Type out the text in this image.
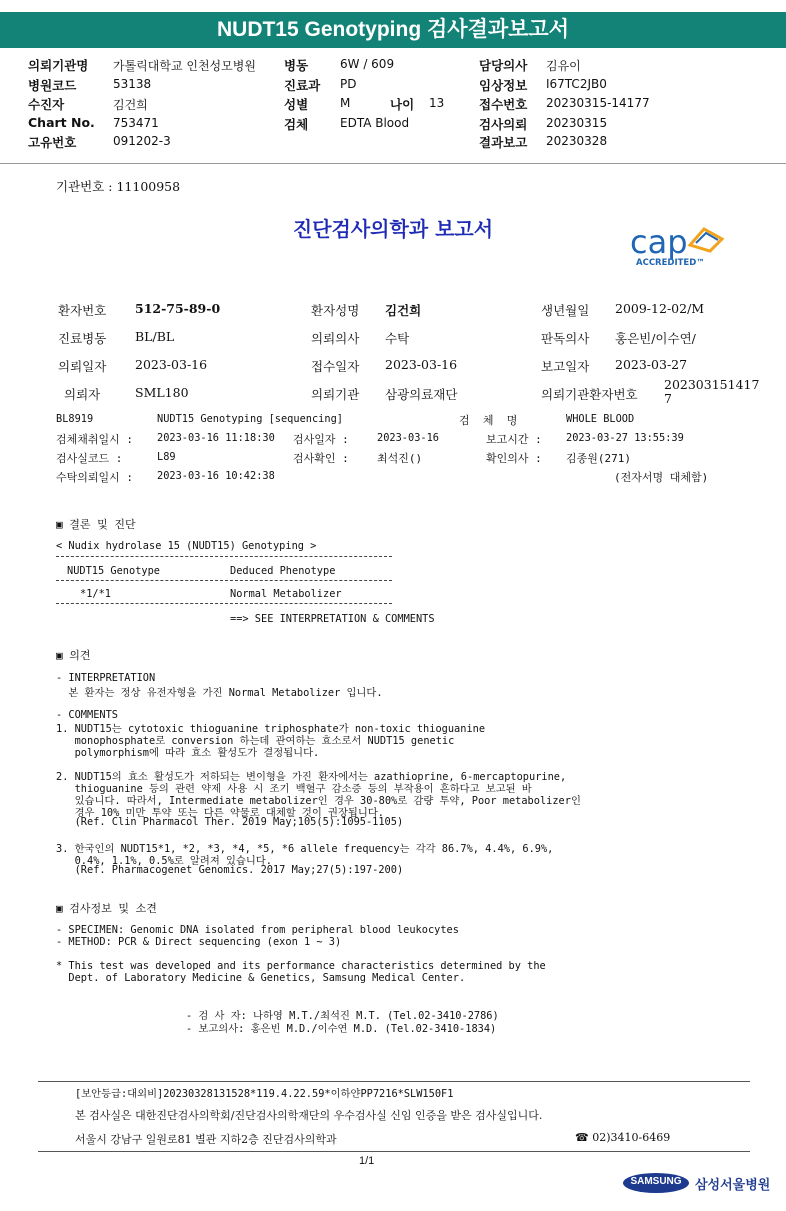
NUDT15 Genotyping 검사결과보고서
의뢰기관명 가톨릭대학교 인천성모병원
병원코드	53138
수진자	김건희
Chart No. 753471
고유번호	091202-3
병동	6W / 609
진료과 PD
성별	M	나이 13
검체	EDTA Blood
담당의사 김유이
임상정보 I67TC2JB0
접수번호 20230315-14177
검사의뢰 20230315
결과보고 20230328
기관번호 : 11100958
진단검사의학과 보고서	cap
ACCREDITED™
환자번호 512-75-89-0	환자성명 김건희	생년월일 2009-12-02/M
진료병동 BL/BL	의뢰의사 수탁	판독의사 홍은빈/이수연/
의뢰일자 2023-03-16	접수일자 2023-03-16	보고일자 2023-03-27
의뢰자	SML180	의뢰기관 삼광의료재단	의뢰기관환자번호
202303151417
7
BL8919	NUDT15 Genotyping [sequencing]	검  체  명	WHOLE BLOOD
검체채취일시 : 2023-03-16 11:18:30 검사일자 :	2023-03-16	보고시간 : 2023-03-27 13:55:39
검사실코드 :	L89	검사확인 :	최석진()	확인의사 : 김종원(271)
수탁의뢰일시 : 2023-03-16 10:42:38	(전자서명 대체함)
▣ 결론 및 진단
< Nudix hydrolase 15 (NUDT15) Genotyping >
NUDT15 Genotype	Deduced Phenotype
*1/*1	Normal Metabolizer
==> SEE INTERPRETATION & COMMENTS
▣ 의견
- INTERPRETATION
본 환자는 정상 유전자형을 가진 Normal Metabolizer 입니다.
- COMMENTS
1. NUDT15는 cytotoxic thioguanine triphosphate가 non-toxic thioguanine
monophosphate로 conversion 하는데 관여하는 효소로서 NUDT15 genetic
polymorphism에 따라 효소 활성도가 결정됩니다.
2. NUDT15의 효소 활성도가 저하되는 변이형을 가진 환자에서는 azathioprine, 6-mercaptopurine,
thioguanine 등의 관련 약제 사용 시 조기 백혈구 감소증 등의 부작용이 흔하다고 보고된 바
있습니다. 따라서, Intermediate metabolizer인 경우 30-80%로 감량 투약, Poor metabolizer인
경우 10% 미만 투약 또는 다른 약물로 대체할 것이 권장됩니다.
(Ref. Clin Pharmacol Ther. 2019 May;105(5):1095-1105)
3. 한국인의 NUDT15*1, *2, *3, *4, *5, *6 allele frequency는 각각 86.7%, 4.4%, 6.9%,
0.4%, 1.1%, 0.5%로 알려져 있습니다.
(Ref. Pharmacogenet Genomics. 2017 May;27(5):197-200)
▣ 검사정보 및 소견
- SPECIMEN: Genomic DNA isolated from peripheral blood leukocytes
- METHOD: PCR & Direct sequencing (exon 1 ~ 3)
* This test was developed and its performance characteristics determined by the
Dept. of Laboratory Medicine & Genetics, Samsung Medical Center.
- 검 사 자: 나하영 M.T./최석진 M.T. (Tel.02-3410-2786)
- 보고의사: 홍은빈 M.D./이수연 M.D. (Tel.02-3410-1834)
[보안등급:대외비]20230328131528*119.4.22.59*이하얀PP7216*SLW150F1
본 검사실은 대한진단검사의학회/진단검사의학재단의 우수검사실 신임 인증을 받은 검사실입니다.
서울시 강남구 일원로81 별관 지하2층 진단검사의학과	☎ 02)3410-6469
1/1
SAMSUNG	삼성서울병원
